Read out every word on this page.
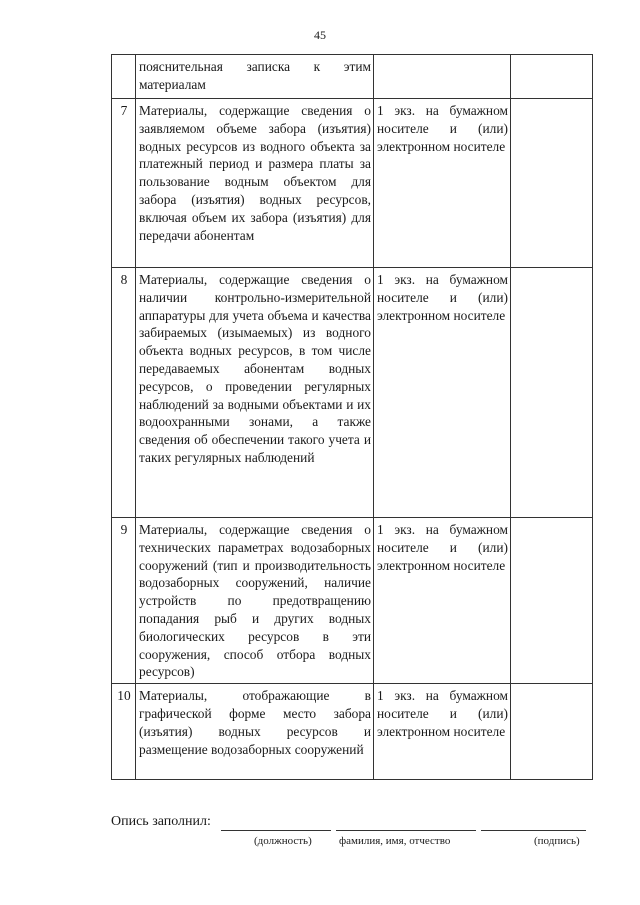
45
	пояснительная записка к этим материалам		
7	Материалы, содержащие сведения о заявляемом объеме забора (изъятия) водных ресурсов из водного объекта за платежный период и размера платы за пользование водным объектом для забора (изъятия) водных ресурсов, включая объем их забора (изъятия) для передачи абонентам	1 экз. на бумажном носителе и (или) электронном носителе	
8	Материалы, содержащие сведения о наличии контрольно-измерительной аппаратуры для учета объема и качества забираемых (изымаемых) из водного объекта водных ресурсов, в том числе передаваемых абонентам водных ресурсов, о проведении регулярных наблюдений за водными объектами и их водоохранными зонами, а также сведения об обеспечении такого учета и таких регулярных наблюдений	1 экз. на бумажном носителе и (или) электронном носителе	
9	Материалы, содержащие сведения о технических параметрах водозаборных сооружений (тип и производительность водозаборных сооружений, наличие устройств по предотвращению попадания рыб и других водных биологических ресурсов в эти сооружения, способ отбора водных ресурсов)	1 экз. на бумажном носителе и (или) электронном носителе	
10	Материалы, отображающие в графической форме место забора (изъятия) водных ресурсов и размещение водозаборных сооружений	1 экз. на бумажном носителе и (или) электронном носителе	
Опись заполнил:
(должность) фамилия, имя, отчество	(подпись)
